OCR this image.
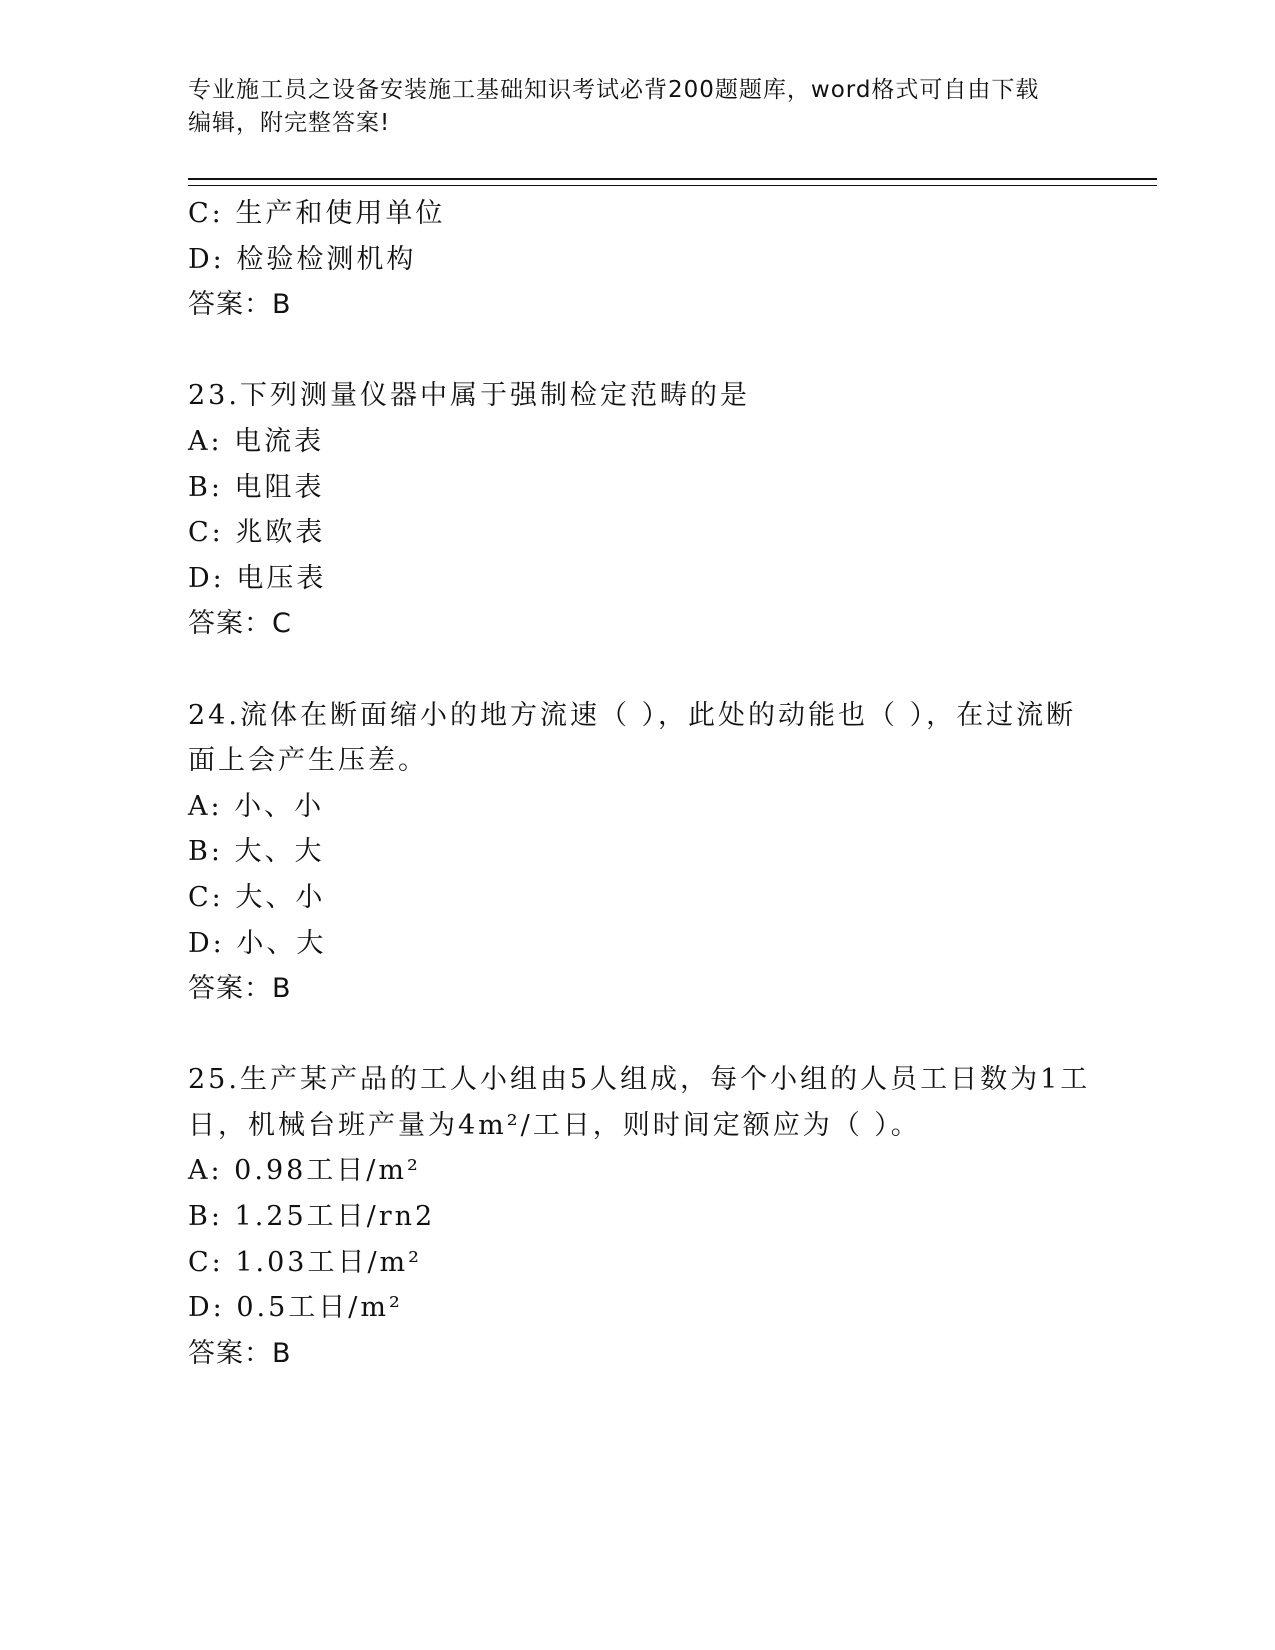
专业施工员之设备安装施工基础知识考试必背200题题库，word格式可自由下载
编辑，附完整答案!
C: 生产和使用单位
D: 检验检测机构
答案：B
23.下列测量仪器中属于强制检定范畴的是
A: 电流表
B: 电阻表
C: 兆欧表
D: 电压表
答案：C
24.流体在断面缩小的地方流速（ ），此处的动能也（ ），在过流断
面上会产生压差。
A: 小、小
B: 大、大
C: 大、小
D: 小、大
答案：B
25.生产某产品的工人小组由5人组成，每个小组的人员工日数为1工
日，机械台班产量为4m²/工日，则时间定额应为（ ）。
A: 0.98工日/m²
B: 1.25工日/rn2
C: 1.03工日/m²
D: 0.5工日/m²
答案：B
